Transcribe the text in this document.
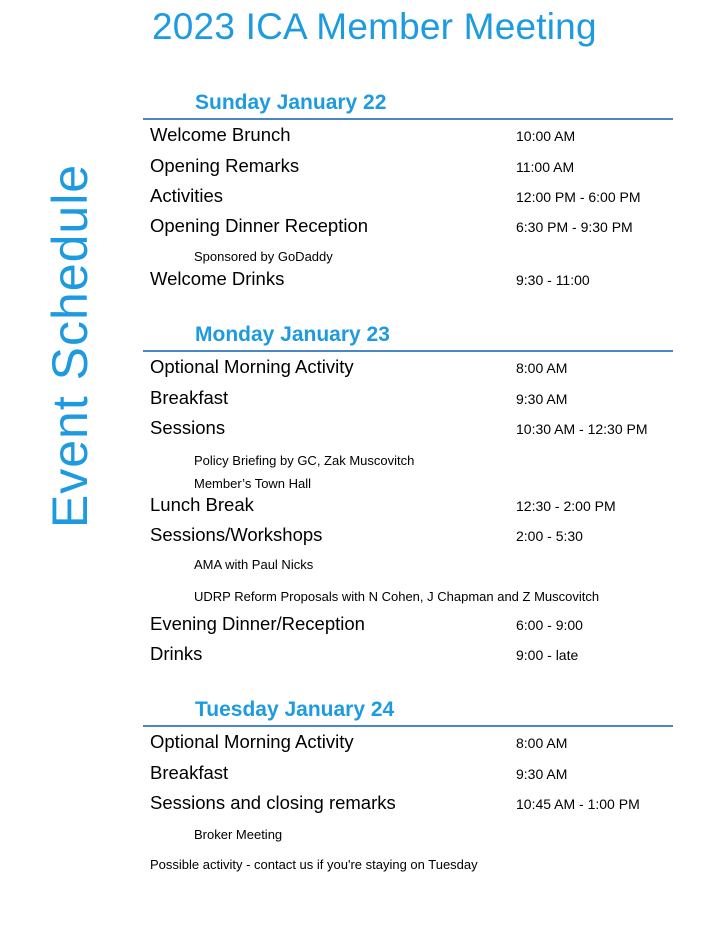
2023 ICA Member Meeting
Event Schedule
Sunday January 22
Welcome Brunch	10:00 AM
Opening Remarks	11:00 AM
Activities	12:00 PM - 6:00 PM
Opening Dinner Reception	6:30 PM - 9:30 PM
Sponsored by GoDaddy
Welcome Drinks	9:30 - 11:00
Monday January 23
Optional Morning Activity	8:00 AM
Breakfast	9:30 AM
Sessions	10:30 AM - 12:30 PM
Policy Briefing by GC, Zak Muscovitch
Member’s Town Hall
Lunch Break	12:30 - 2:00 PM
Sessions/Workshops	2:00 - 5:30
AMA with Paul Nicks
UDRP Reform Proposals with N Cohen, J Chapman and Z Muscovitch
Evening Dinner/Reception	6:00 - 9:00
Drinks	9:00 - late
Tuesday January 24
Optional Morning Activity	8:00 AM
Breakfast	9:30 AM
Sessions and closing remarks	10:45 AM - 1:00 PM
Broker Meeting
Possible activity - contact us if you're staying on Tuesday
